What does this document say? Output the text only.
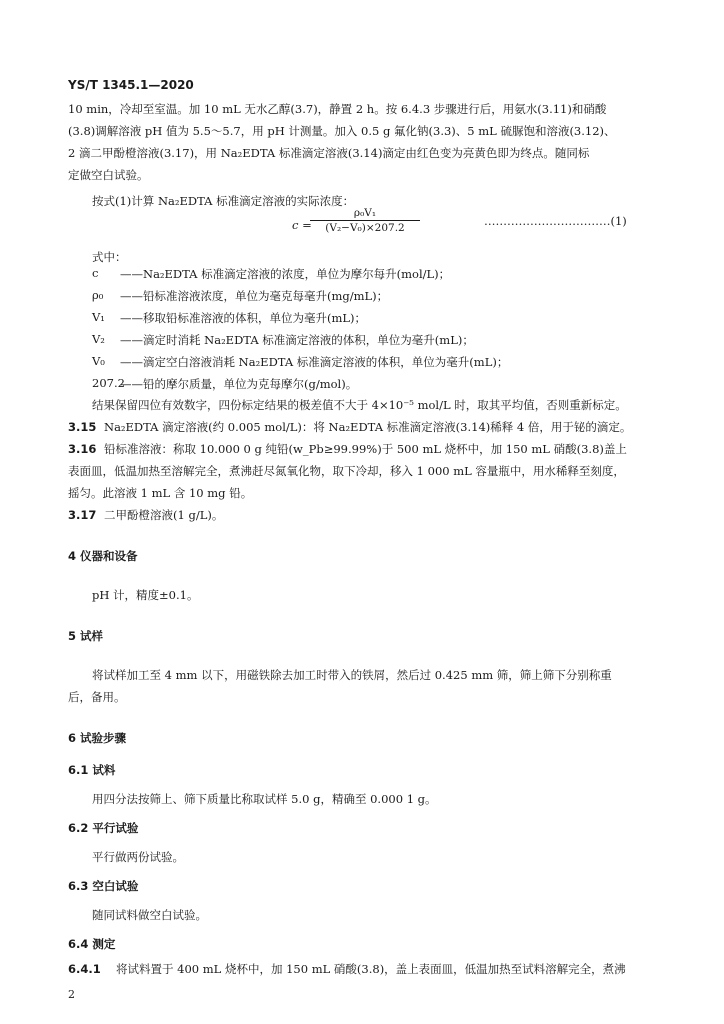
YS/T 1345.1—2020
10 min，冷却至室温。加 10 mL 无水乙醇(3.7)，静置 2 h。按 6.4.3 步骤进行后，用氨水(3.11)和硝酸
(3.8)调解溶液 pH 值为 5.5～5.7，用 pH 计测量。加入 0.5 g 氟化钠(3.3)、5 mL 硫脲饱和溶液(3.12)、
2 滴二甲酚橙溶液(3.17)，用 Na₂EDTA 标准滴定溶液(3.14)滴定由红色变为亮黄色即为终点。随同标
定做空白试验。
按式(1)计算 Na₂EDTA 标准滴定溶液的实际浓度：
c =
$\frac{\text{ρ₀V₁}}{\text{(V₂−V₀)×207.2}}$	……………………………(1)
式中：
c ——Na₂EDTA 标准滴定溶液的浓度，单位为摩尔每升(mol/L)；
ρ₀ ——铅标准溶液浓度，单位为毫克每毫升(mg/mL)；
V₁ ——移取铅标准溶液的体积，单位为毫升(mL)；
V₂ ——滴定时消耗 Na₂EDTA 标准滴定溶液的体积，单位为毫升(mL)；
V₀ ——滴定空白溶液消耗 Na₂EDTA 标准滴定溶液的体积，单位为毫升(mL)；
207.2
——铅的摩尔质量，单位为克每摩尔(g/mol)。
结果保留四位有效数字，四份标定结果的极差值不大于 4×10⁻⁵ mol/L 时，取其平均值，否则重新标定。
3.15 Na₂EDTA 滴定溶液(约 0.005 mol/L)：将 Na₂EDTA 标准滴定溶液(3.14)稀释 4 倍，用于铋的滴定。
3.16 铅标准溶液：称取 10.000 0 g 纯铅(w_Pb≥99.99%)于 500 mL 烧杯中，加 150 mL 硝酸(3.8)盖上
表面皿，低温加热至溶解完全，煮沸赶尽氮氧化物，取下冷却，移入 1 000 mL 容量瓶中，用水稀释至刻度，
摇匀。此溶液 1 mL 含 10 mg 铅。
3.17 二甲酚橙溶液(1 g/L)。
4 仪器和设备
pH 计，精度±0.1。
5 试样
将试样加工至 4 mm 以下，用磁铁除去加工时带入的铁屑，然后过 0.425 mm 筛，筛上筛下分别称重
后，备用。
6 试验步骤
6.1 试料
用四分法按筛上、筛下质量比称取试样 5.0 g，精确至 0.000 1 g。
6.2 平行试验
平行做两份试验。
6.3 空白试验
随同试料做空白试验。
6.4 测定
6.4.1 将试料置于 400 mL 烧杯中，加 150 mL 硝酸(3.8)，盖上表面皿，低温加热至试料溶解完全，煮沸
2
